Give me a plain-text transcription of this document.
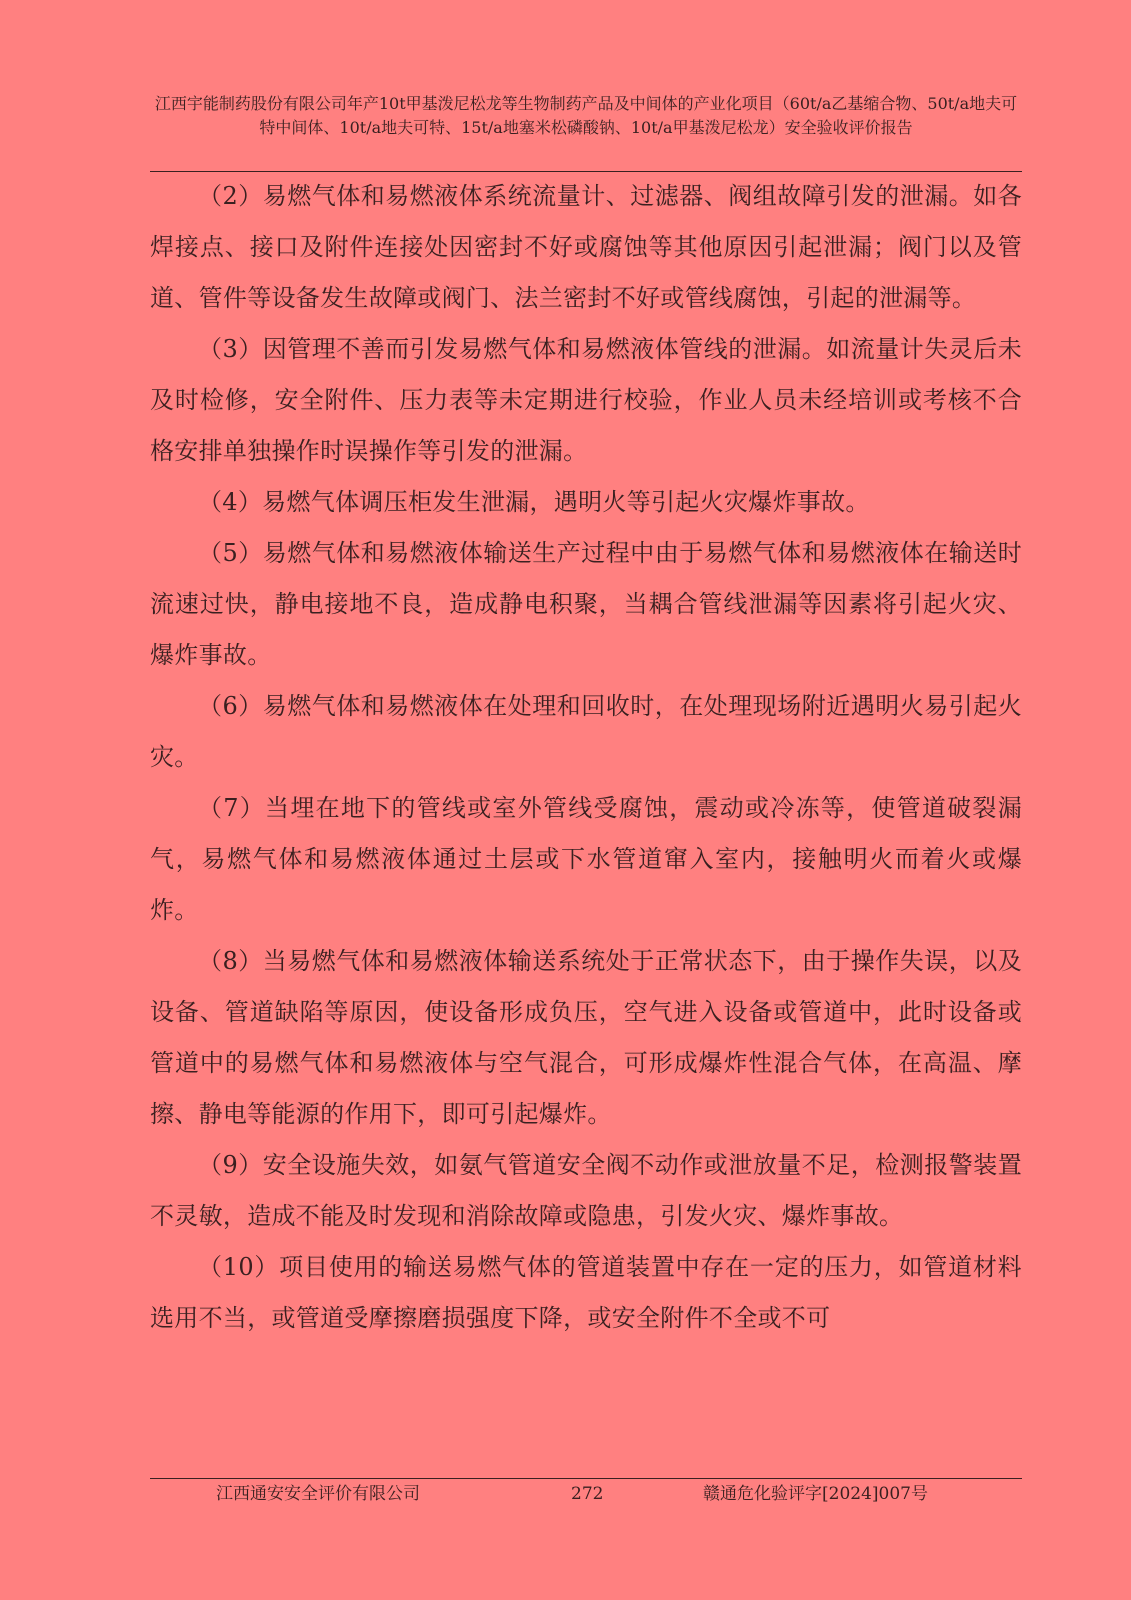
江西宇能制药股份有限公司年产10t甲基泼尼松龙等生物制药产品及中间体的产业化项目（60t/a乙基缩合物、50t/a地夫可特中间体、10t/a地夫可特、15t/a地塞米松磷酸钠、10t/a甲基泼尼松龙）安全验收评价报告

（2）易燃气体和易燃液体系统流量计、过滤器、阀组故障引发的泄漏。如各焊接点、接口及附件连接处因密封不好或腐蚀等其他原因引起泄漏；阀门以及管道、管件等设备发生故障或阀门、法兰密封不好或管线腐蚀，引起的泄漏等。

（3）因管理不善而引发易燃气体和易燃液体管线的泄漏。如流量计失灵后未及时检修，安全附件、压力表等未定期进行校验，作业人员未经培训或考核不合格安排单独操作时误操作等引发的泄漏。

（4）易燃气体调压柜发生泄漏，遇明火等引起火灾爆炸事故。

（5）易燃气体和易燃液体输送生产过程中由于易燃气体和易燃液体在输送时流速过快，静电接地不良，造成静电积聚，当耦合管线泄漏等因素将引起火灾、爆炸事故。

（6）易燃气体和易燃液体在处理和回收时，在处理现场附近遇明火易引起火灾。

（7）当埋在地下的管线或室外管线受腐蚀，震动或冷冻等，使管道破裂漏气，易燃气体和易燃液体通过土层或下水管道窜入室内，接触明火而着火或爆炸。

（8）当易燃气体和易燃液体输送系统处于正常状态下，由于操作失误，以及设备、管道缺陷等原因，使设备形成负压，空气进入设备或管道中，此时设备或管道中的易燃气体和易燃液体与空气混合，可形成爆炸性混合气体，在高温、摩擦、静电等能源的作用下，即可引起爆炸。

（9）安全设施失效，如氨气管道安全阀不动作或泄放量不足，检测报警装置不灵敏，造成不能及时发现和消除故障或隐患，引发火灾、爆炸事故。

（10）项目使用的输送易燃气体的管道装置中存在一定的压力，如管道材料选用不当，或管道受摩擦磨损强度下降，或安全附件不全或不可

江西通安安全评价有限公司	272	赣通危化验评字[2024]007号
